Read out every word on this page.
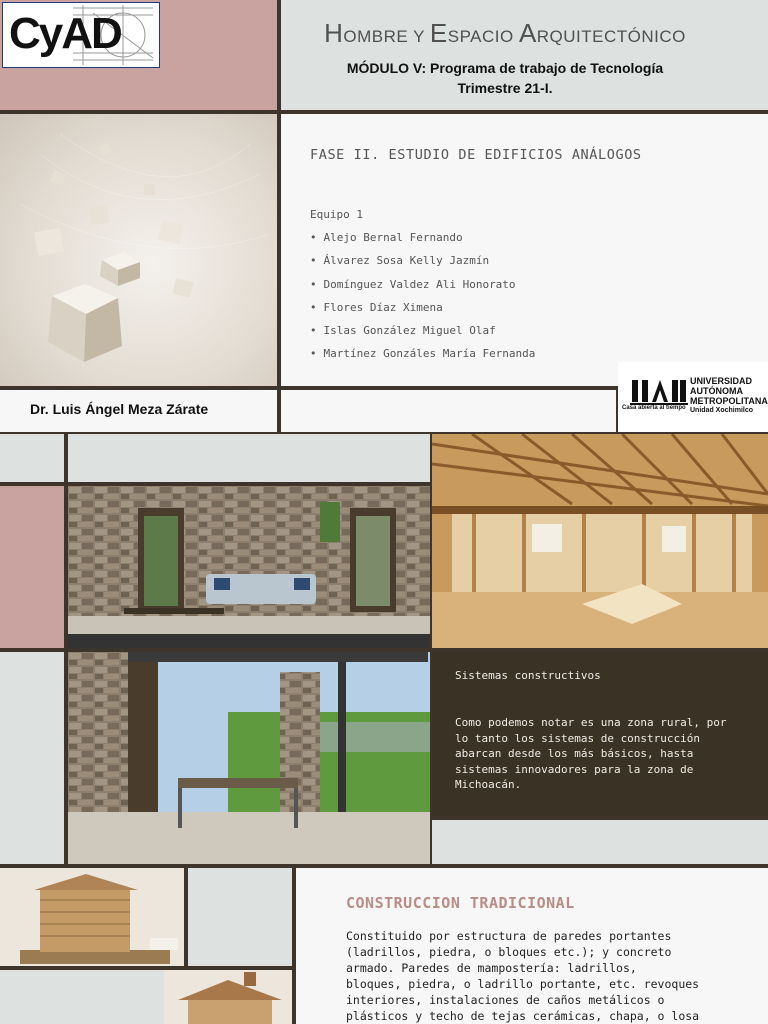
CyAD	HOMBRE Y ESPACIO ARQUITECTÓNICO
MÓDULO V: Programa de trabajo de Tecnología
Trimestre 21-I.
FASE II. ESTUDIO DE EDIFICIOS ANÁLOGOS
Equipo 1
• Alejo Bernal Fernando
• Álvarez Sosa Kelly Jazmín
• Domínguez Valdez Ali Honorato
• Flores Díaz Ximena
• Islas González Miguel Olaf
• Martínez Gonzáles María Fernanda
Dr. Luis Ángel Meza Zárate	Casa abierta al tiempo
UNIVERSIDAD
AUTÓNOMA
METROPOLITANA
Unidad Xochimilco
Sistemas constructivos
Como podemos notar es una zona rural, por
lo tanto los sistemas de construcción
abarcan desde los más básicos, hasta
sistemas innovadores para la zona de
Michoacán.
CONSTRUCCION TRADICIONAL
Constituido por estructura de paredes portantes
(ladrillos, piedra, o bloques etc.); y concreto
armado. Paredes de mampostería: ladrillos,
bloques, piedra, o ladrillo portante, etc. revoques
interiores, instalaciones de caños metálicos o
plásticos y techo de tejas cerámicas, chapa, o losa
